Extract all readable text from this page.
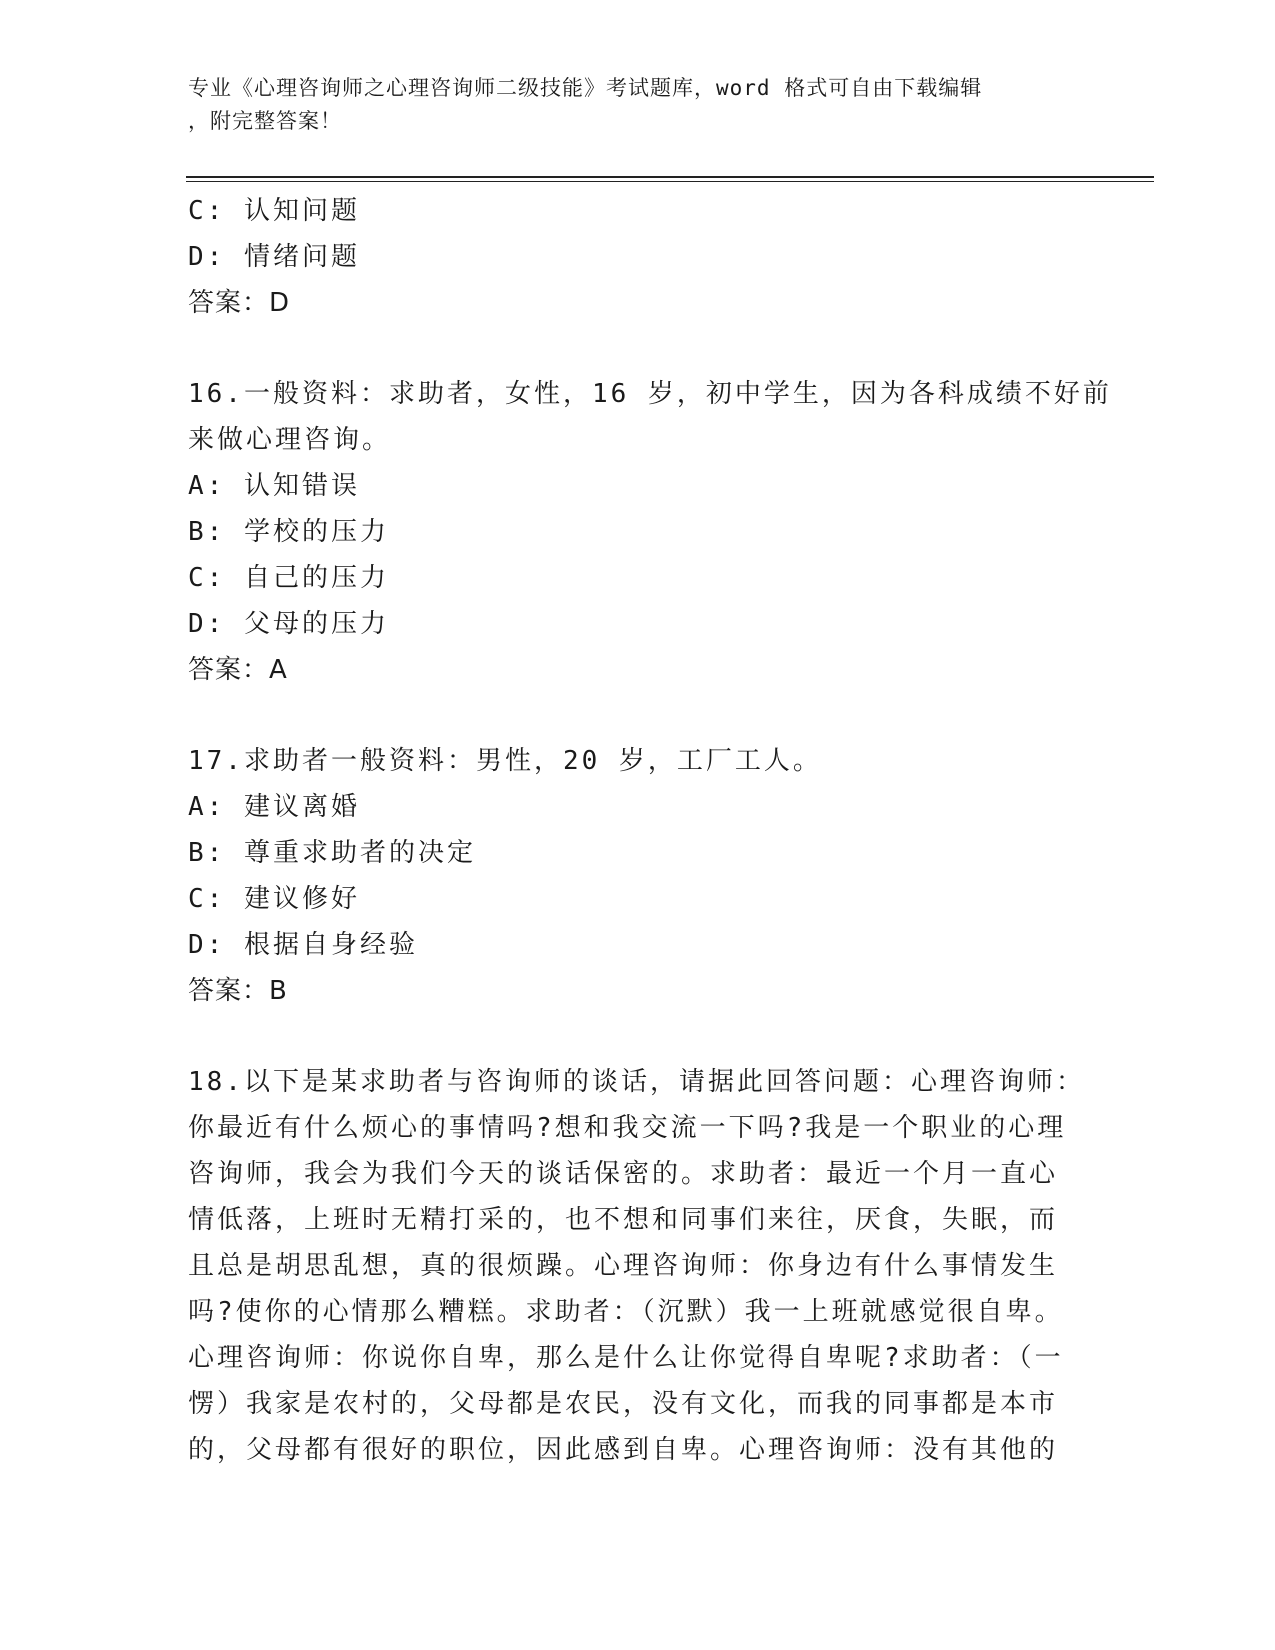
专业《心理咨询师之心理咨询师二级技能》考试题库，word 格式可自由下载编辑
，附完整答案！
C: 认知问题
D: 情绪问题
答案：D
16.一般资料：求助者，女性，16 岁，初中学生，因为各科成绩不好前
来做心理咨询。
A: 认知错误
B: 学校的压力
C: 自己的压力
D: 父母的压力
答案：A
17.求助者一般资料：男性，20 岁，工厂工人。
A: 建议离婚
B: 尊重求助者的决定
C: 建议修好
D: 根据自身经验
答案：B
18.以下是某求助者与咨询师的谈话，请据此回答问题：心理咨询师：
你最近有什么烦心的事情吗?想和我交流一下吗?我是一个职业的心理
咨询师，我会为我们今天的谈话保密的。求助者：最近一个月一直心
情低落，上班时无精打采的，也不想和同事们来往，厌食，失眠，而
且总是胡思乱想，真的很烦躁。心理咨询师：你身边有什么事情发生
吗?使你的心情那么糟糕。求助者：（沉默）我一上班就感觉很自卑。
心理咨询师：你说你自卑，那么是什么让你觉得自卑呢?求助者：（一
愣）我家是农村的，父母都是农民，没有文化，而我的同事都是本市
的，父母都有很好的职位，因此感到自卑。心理咨询师：没有其他的
